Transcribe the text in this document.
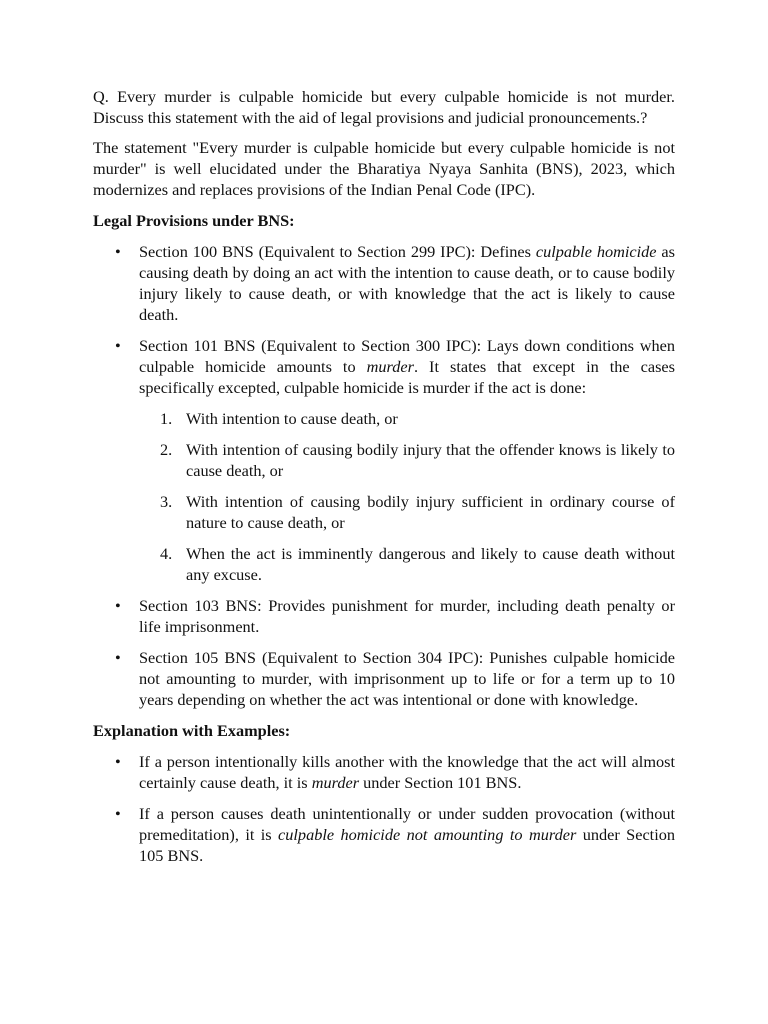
Q. Every murder is culpable homicide but every culpable homicide is not murder. Discuss this statement with the aid of legal provisions and judicial pronouncements.?

The statement "Every murder is culpable homicide but every culpable homicide is not murder" is well elucidated under the Bharatiya Nyaya Sanhita (BNS), 2023, which modernizes and replaces provisions of the Indian Penal Code (IPC).

Legal Provisions under BNS:

• Section 100 BNS (Equivalent to Section 299 IPC): Defines culpable homicide as causing death by doing an act with the intention to cause death, or to cause bodily injury likely to cause death, or with knowledge that the act is likely to cause death.
• Section 101 BNS (Equivalent to Section 300 IPC): Lays down conditions when culpable homicide amounts to murder. It states that except in the cases specifically excepted, culpable homicide is murder if the act is done:
1. With intention to cause death, or
2. With intention of causing bodily injury that the offender knows is likely to cause death, or
3. With intention of causing bodily injury sufficient in ordinary course of nature to cause death, or
4. When the act is imminently dangerous and likely to cause death without any excuse.
• Section 103 BNS: Provides punishment for murder, including death penalty or life imprisonment.
• Section 105 BNS (Equivalent to Section 304 IPC): Punishes culpable homicide not amounting to murder, with imprisonment up to life or for a term up to 10 years depending on whether the act was intentional or done with knowledge.

Explanation with Examples:

• If a person intentionally kills another with the knowledge that the act will almost certainly cause death, it is murder under Section 101 BNS.
• If a person causes death unintentionally or under sudden provocation (without premeditation), it is culpable homicide not amounting to murder under Section 105 BNS.
